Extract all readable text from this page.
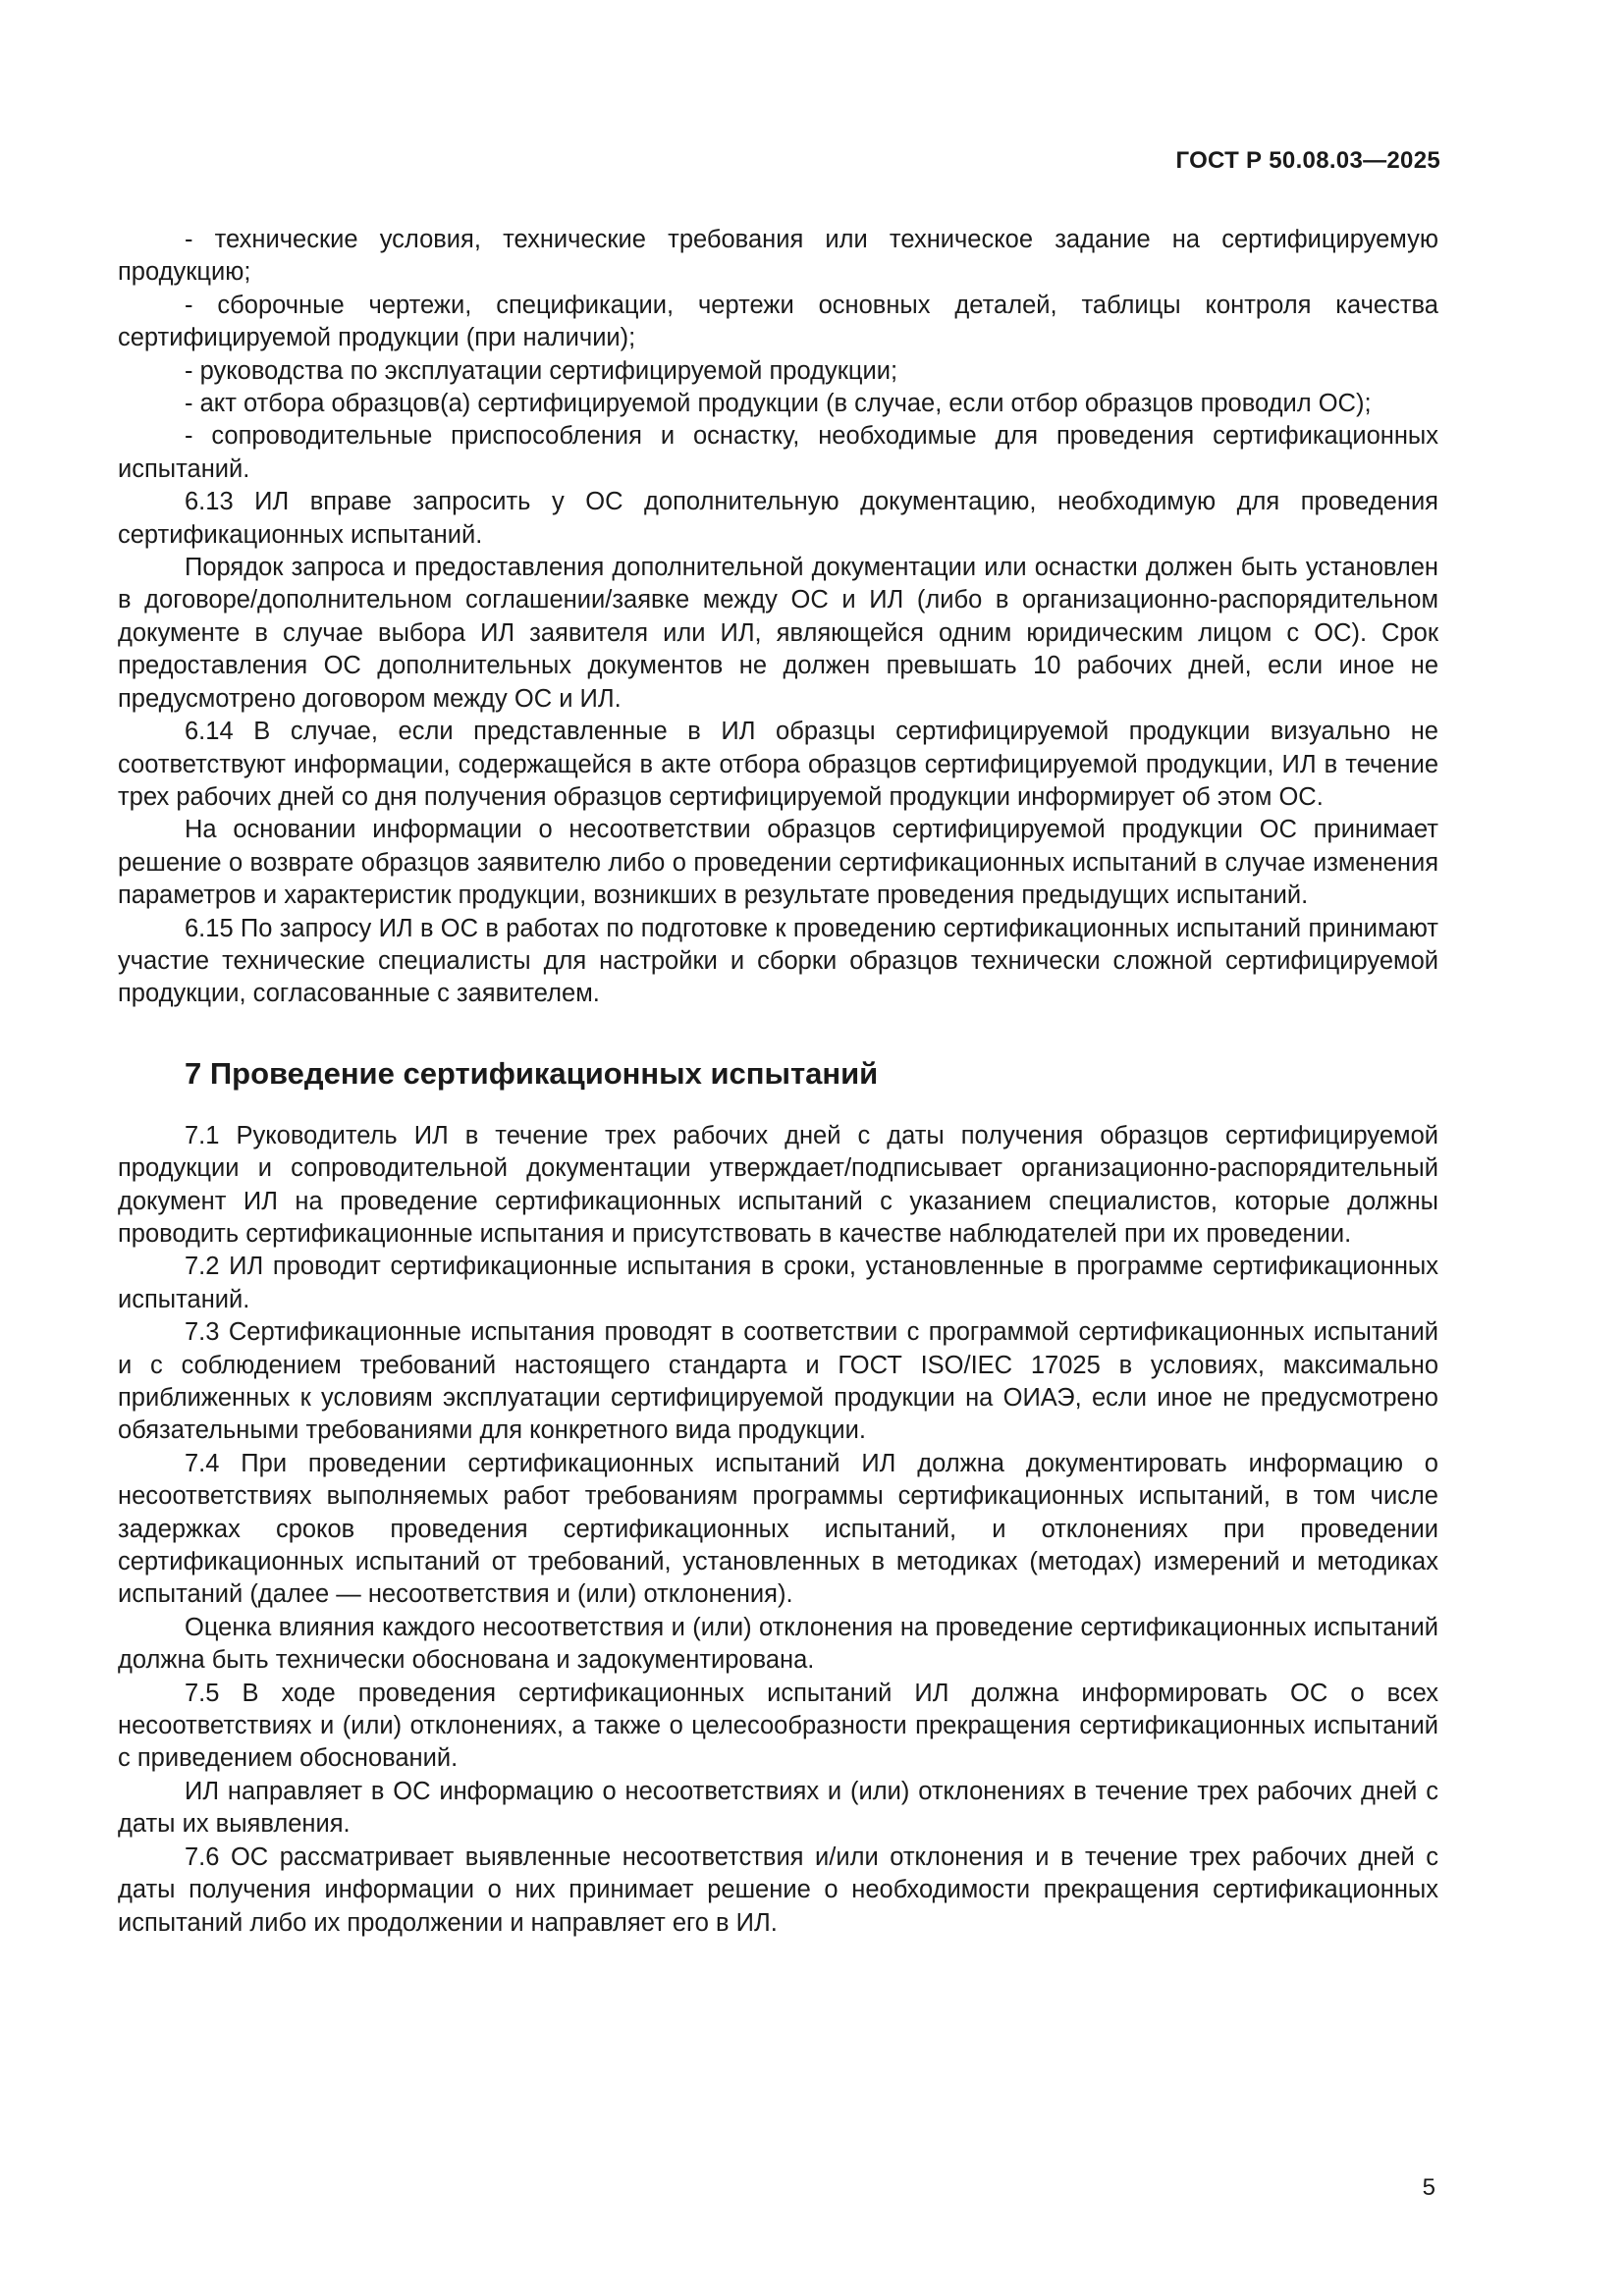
ГОСТ Р 50.08.03—2025

- технические условия, технические требования или техническое задание на сертифицируемую продукцию;

- сборочные чертежи, спецификации, чертежи основных деталей, таблицы контроля качества сертифицируемой продукции (при наличии);

- руководства по эксплуатации сертифицируемой продукции;

- акт отбора образцов(а) сертифицируемой продукции (в случае, если отбор образцов проводил ОС);

- сопроводительные приспособления и оснастку, необходимые для проведения сертификационных испытаний.

6.13 ИЛ вправе запросить у ОС дополнительную документацию, необходимую для проведения сертификационных испытаний.

Порядок запроса и предоставления дополнительной документации или оснастки должен быть установлен в договоре/дополнительном соглашении/заявке между ОС и ИЛ (либо в организационно-распорядительном документе в случае выбора ИЛ заявителя или ИЛ, являющейся одним юридическим лицом с ОС). Срок предоставления ОС дополнительных документов не должен превышать 10 рабочих дней, если иное не предусмотрено договором между ОС и ИЛ.

6.14 В случае, если представленные в ИЛ образцы сертифицируемой продукции визуально не соответствуют информации, содержащейся в акте отбора образцов сертифицируемой продукции, ИЛ в течение трех рабочих дней со дня получения образцов сертифицируемой продукции информирует об этом ОС.

На основании информации о несоответствии образцов сертифицируемой продукции ОС принимает решение о возврате образцов заявителю либо о проведении сертификационных испытаний в случае изменения параметров и характеристик продукции, возникших в результате проведения предыдущих испытаний.

6.15 По запросу ИЛ в ОС в работах по подготовке к проведению сертификационных испытаний принимают участие технические специалисты для настройки и сборки образцов технически сложной сертифицируемой продукции, согласованные с заявителем.

7 Проведение сертификационных испытаний

7.1 Руководитель ИЛ в течение трех рабочих дней с даты получения образцов сертифицируемой продукции и сопроводительной документации утверждает/подписывает организационно-распорядительный документ ИЛ на проведение сертификационных испытаний с указанием специалистов, которые должны проводить сертификационные испытания и присутствовать в качестве наблюдателей при их проведении.

7.2 ИЛ проводит сертификационные испытания в сроки, установленные в программе сертификационных испытаний.

7.3 Сертификационные испытания проводят в соответствии с программой сертификационных испытаний и с соблюдением требований настоящего стандарта и ГОСТ ISO/IEC 17025 в условиях, максимально приближенных к условиям эксплуатации сертифицируемой продукции на ОИАЭ, если иное не предусмотрено обязательными требованиями для конкретного вида продукции.

7.4 При проведении сертификационных испытаний ИЛ должна документировать информацию о несоответствиях выполняемых работ требованиям программы сертификационных испытаний, в том числе задержках сроков проведения сертификационных испытаний, и отклонениях при проведении сертификационных испытаний от требований, установленных в методиках (методах) измерений и методиках испытаний (далее — несоответствия и (или) отклонения).

Оценка влияния каждого несоответствия и (или) отклонения на проведение сертификационных испытаний должна быть технически обоснована и задокументирована.

7.5 В ходе проведения сертификационных испытаний ИЛ должна информировать ОС о всех несоответствиях и (или) отклонениях, а также о целесообразности прекращения сертификационных испытаний с приведением обоснований.

ИЛ направляет в ОС информацию о несоответствиях и (или) отклонениях в течение трех рабочих дней с даты их выявления.

7.6 ОС рассматривает выявленные несоответствия и/или отклонения и в течение трех рабочих дней с даты получения информации о них принимает решение о необходимости прекращения сертификационных испытаний либо их продолжении и направляет его в ИЛ.

5
